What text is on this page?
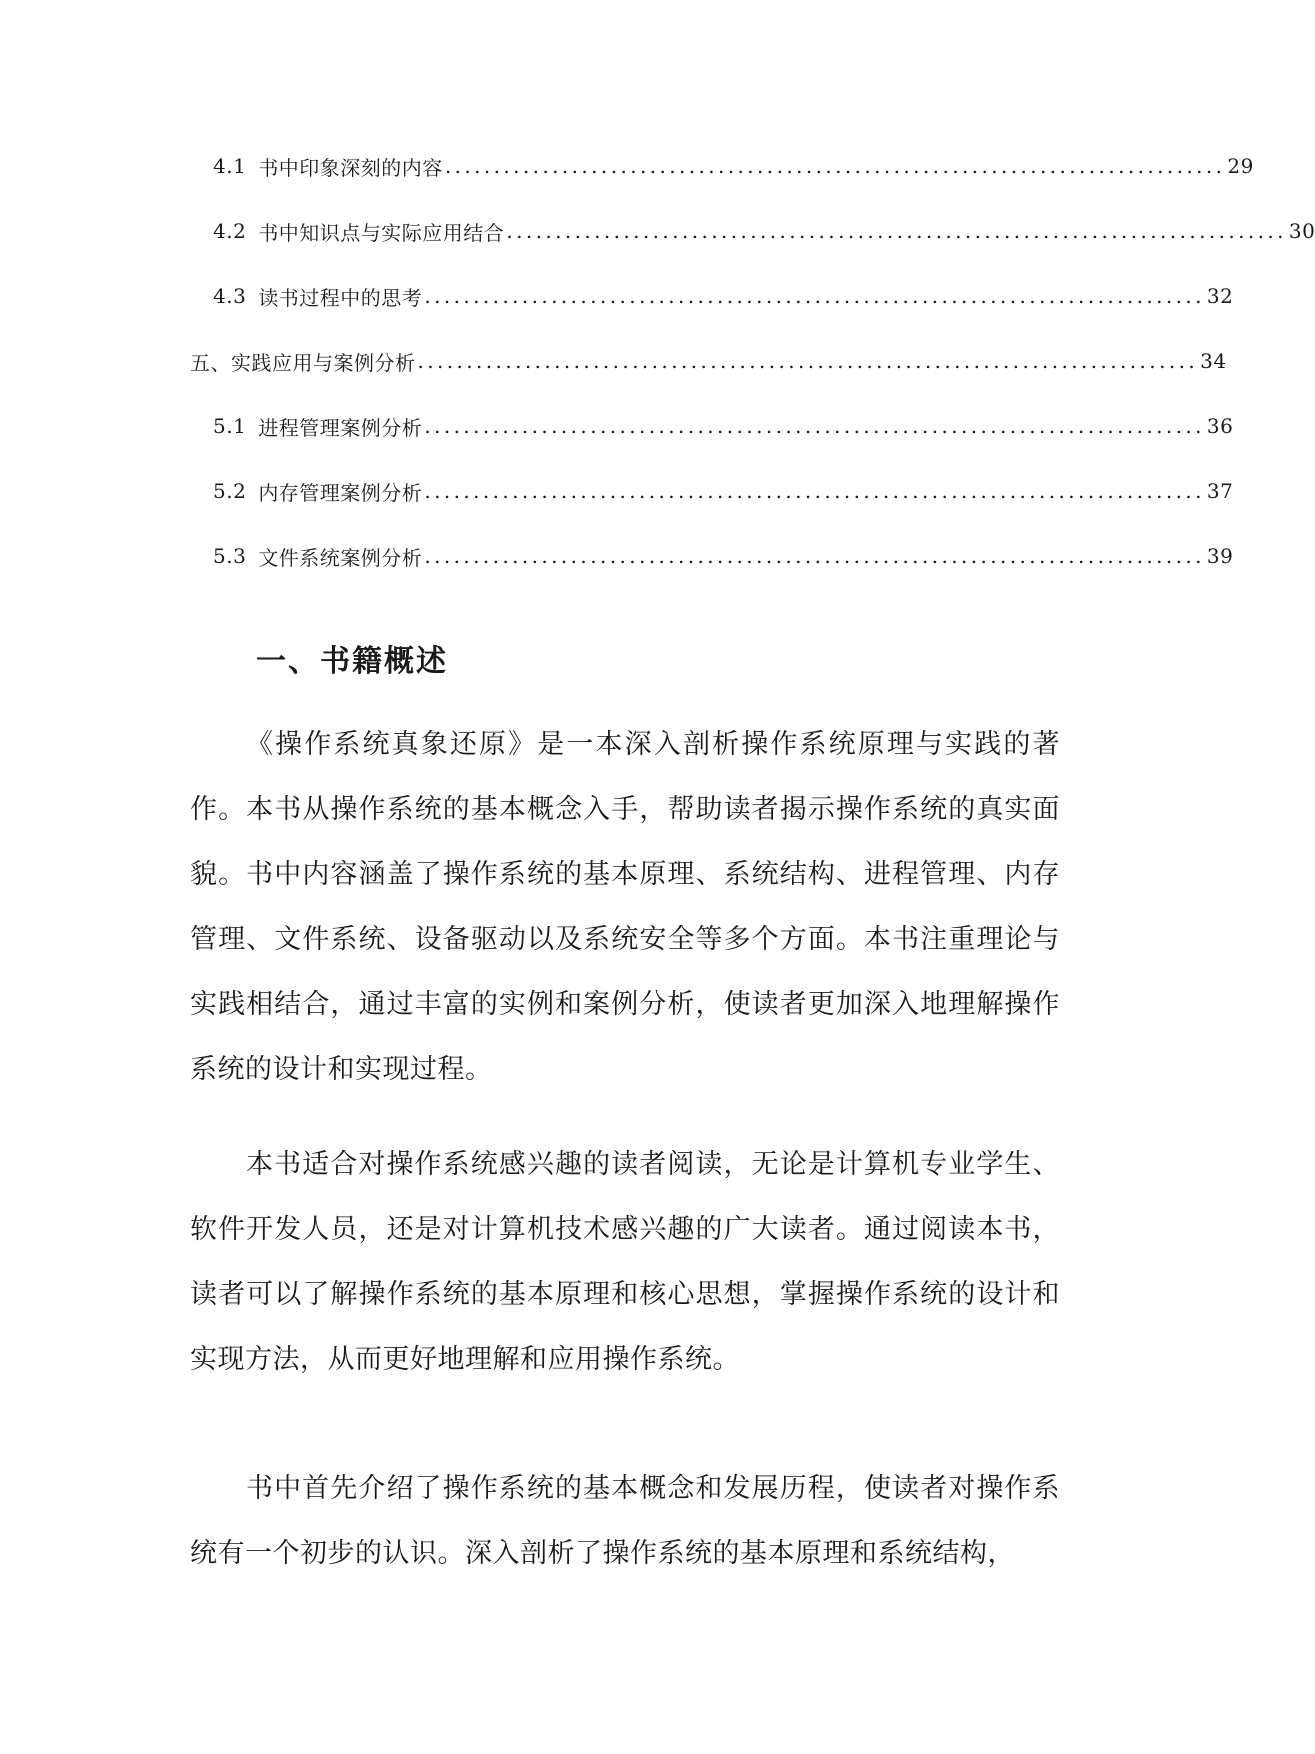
4.1 书中印象深刻的内容 ................................................................................ 29
4.2 书中知识点与实际应用结合 ................................................................................ 30
4.3 读书过程中的思考 ................................................................................ 32
五、实践应用与案例分析 ................................................................................ 34
5.1 进程管理案例分析 ................................................................................ 36
5.2 内存管理案例分析 ................................................................................ 37
5.3 文件系统案例分析 ................................................................................ 39
一、书籍概述

《操作系统真象还原》是一本深入剖析操作系统原理与实践的著作。本书从操作系统的基本概念入手，帮助读者揭示操作系统的真实面貌。书中内容涵盖了操作系统的基本原理、系统结构、进程管理、内存管理、文件系统、设备驱动以及系统安全等多个方面。本书注重理论与实践相结合，通过丰富的实例和案例分析，使读者更加深入地理解操作系统的设计和实现过程。

本书适合对操作系统感兴趣的读者阅读，无论是计算机专业学生、软件开发人员，还是对计算机技术感兴趣的广大读者。通过阅读本书，读者可以了解操作系统的基本原理和核心思想，掌握操作系统的设计和实现方法，从而更好地理解和应用操作系统。

书中首先介绍了操作系统的基本概念和发展历程，使读者对操作系统有一个初步的认识。深入剖析了操作系统的基本原理和系统结构，
